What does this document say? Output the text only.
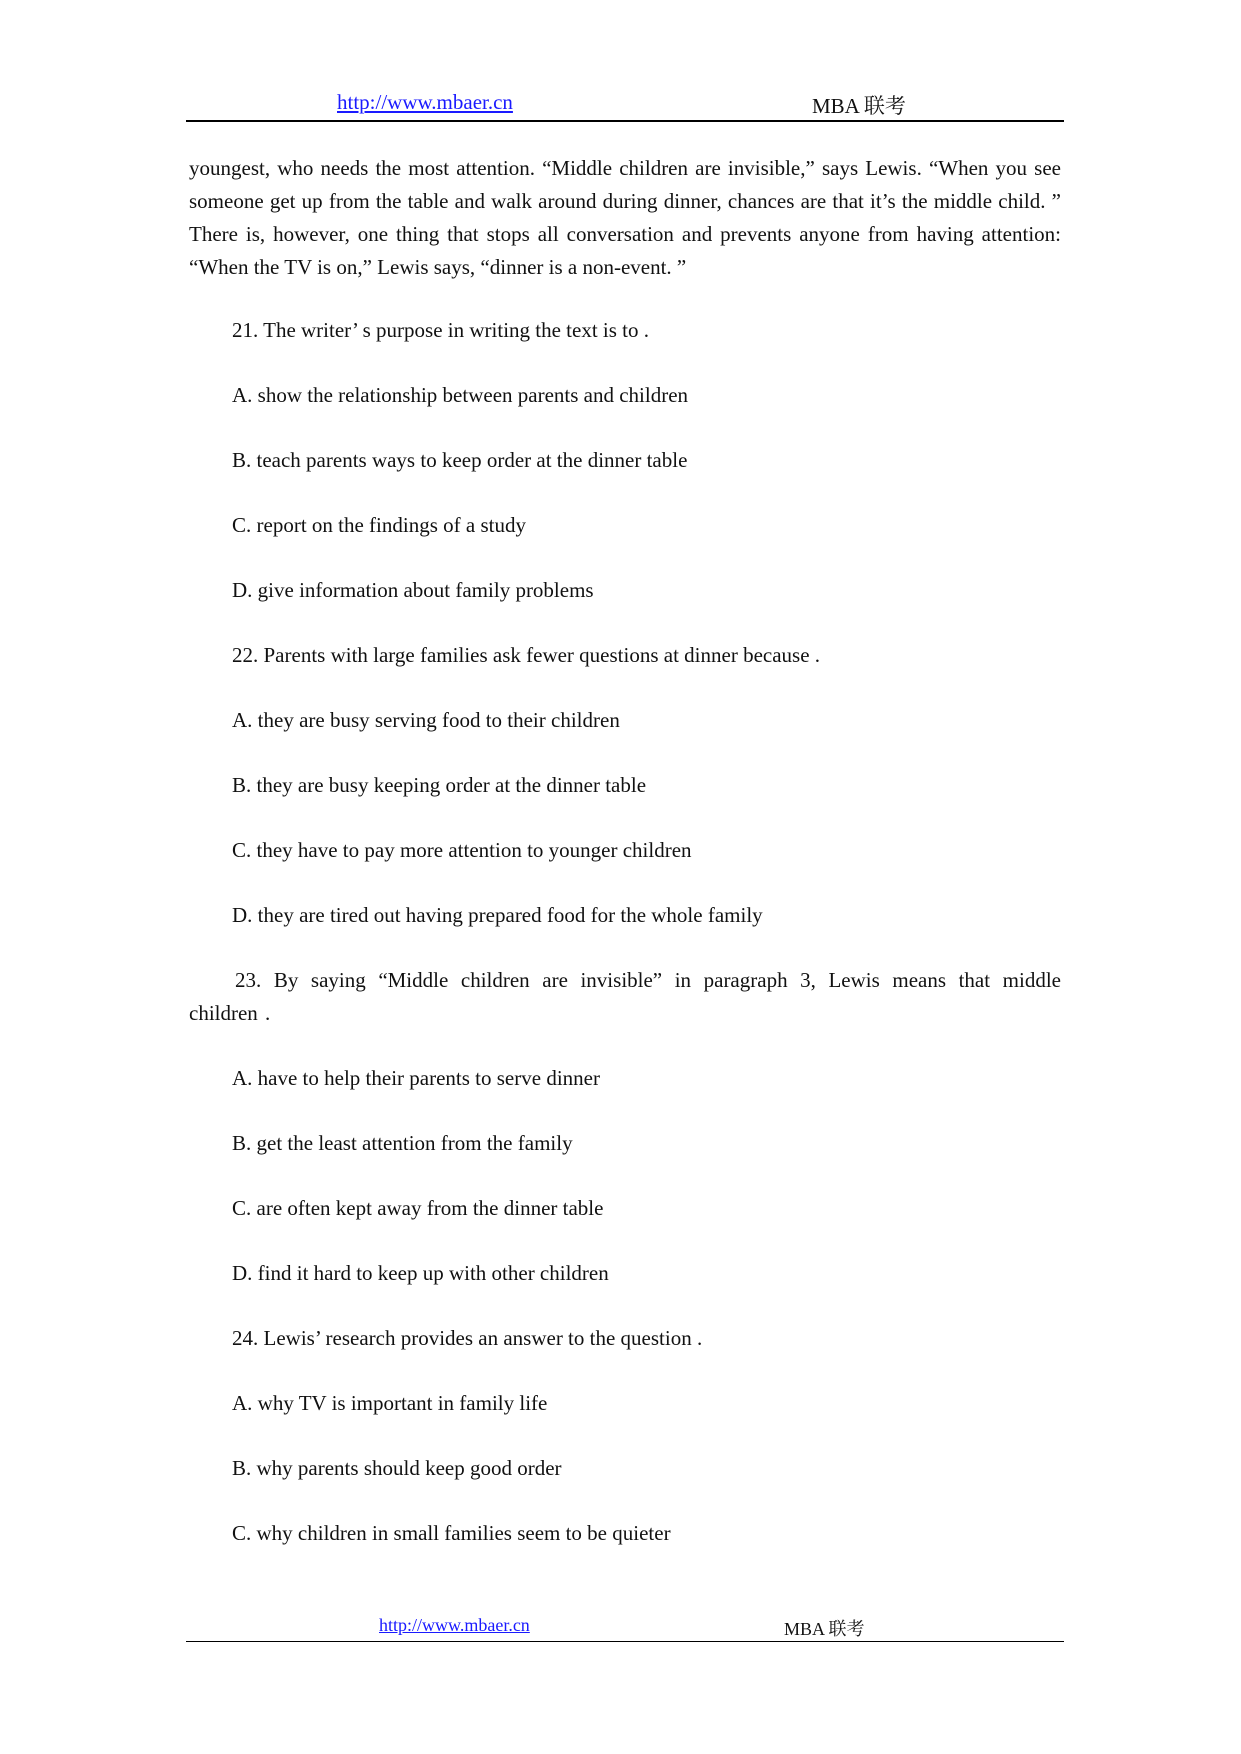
http://www.mbaer.cn	MBA 联考

youngest, who needs the most attention. “Middle children are invisible,” says Lewis. “When you see someone get up from the table and walk around during dinner, chances are that it’s the middle child. ” There is, however, one thing that stops all conversation and prevents anyone from having attention: “When the TV is on,” Lewis says, “dinner is a non-event. ”

21. The writer’ s purpose in writing the text is to .

A. show the relationship between parents and children

B. teach parents ways to keep order at the dinner table

C. report on the findings of a study

D. give information about family problems

22. Parents with large families ask fewer questions at dinner because .

A. they are busy serving food to their children

B. they are busy keeping order at the dinner table

C. they have to pay more attention to younger children

D. they are tired out having prepared food for the whole family

23. By saying “Middle children are invisible” in paragraph 3, Lewis means that middle children .

A. have to help their parents to serve dinner

B. get the least attention from the family

C. are often kept away from the dinner table

D. find it hard to keep up with other children

24. Lewis’ research provides an answer to the question .

A. why TV is important in family life

B. why parents should keep good order

C. why children in small families seem to be quieter

http://www.mbaer.cn	MBA 联考
